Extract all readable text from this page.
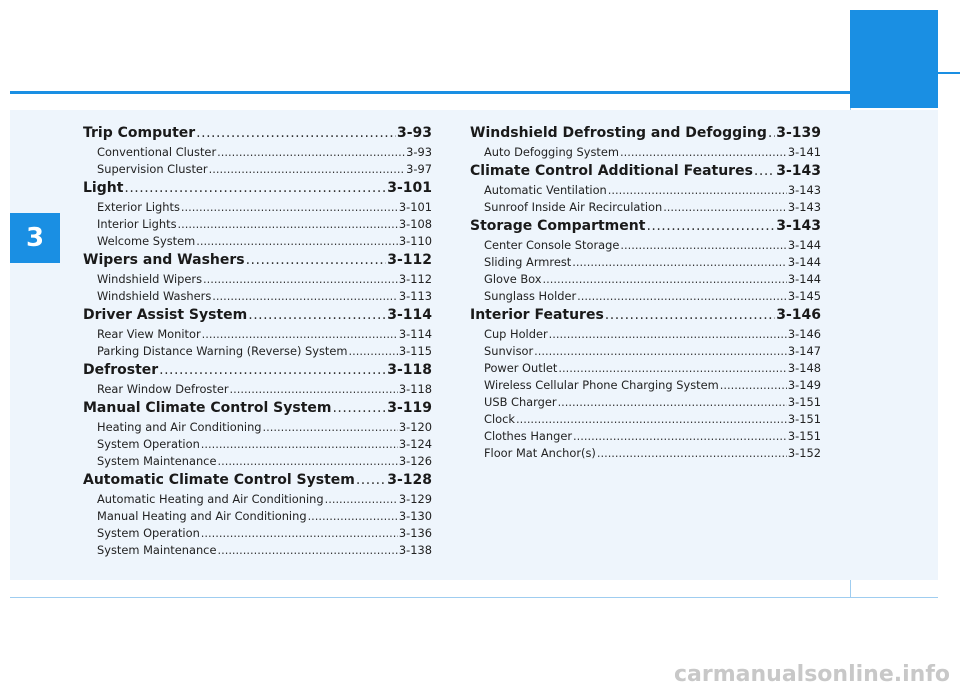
3
Trip Computer .....	3-93
Conventional Cluster .....	3-93
Supervision Cluster .....	3-97
Light .....	3-101
Exterior Lights .....	3-101
Interior Lights .....	3-108
Welcome System .....	3-110
Wipers and Washers .....	3-112
Windshield Wipers .....	3-112
Windshield Washers .....	3-113
Driver Assist System .....	3-114
Rear View Monitor .....	3-114
Parking Distance Warning (Reverse) System .....	3-115
Defroster .....	3-118
Rear Window Defroster .....	3-118
Manual Climate Control System .....	3-119
Heating and Air Conditioning .....	3-120
System Operation .....	3-124
System Maintenance .....	3-126
Automatic Climate Control System ..... 3-128
Automatic Heating and Air Conditioning .....	3-129
Manual Heating and Air Conditioning .....	3-130
System Operation .....	3-136
System Maintenance .....	3-138
Windshield Defrosting and Defogging ..... 3-139
Auto Defogging System .....	3-141
Climate Control Additional Features ..... 3-143
Automatic Ventilation .....	3-143
Sunroof Inside Air Recirculation .....	3-143
Storage Compartment .....	3-143
Center Console Storage .....	3-144
Sliding Armrest .....	3-144
Glove Box .....	3-144
Sunglass Holder .....	3-145
Interior Features .....	3-146
Cup Holder .....	3-146
Sunvisor .....	3-147
Power Outlet .....	3-148
Wireless Cellular Phone Charging System .....	3-149
USB Charger .....	3-151
Clock .....	3-151
Clothes Hanger .....	3-151
Floor Mat Anchor(s) .....	3-152
carmanualsonline.info
